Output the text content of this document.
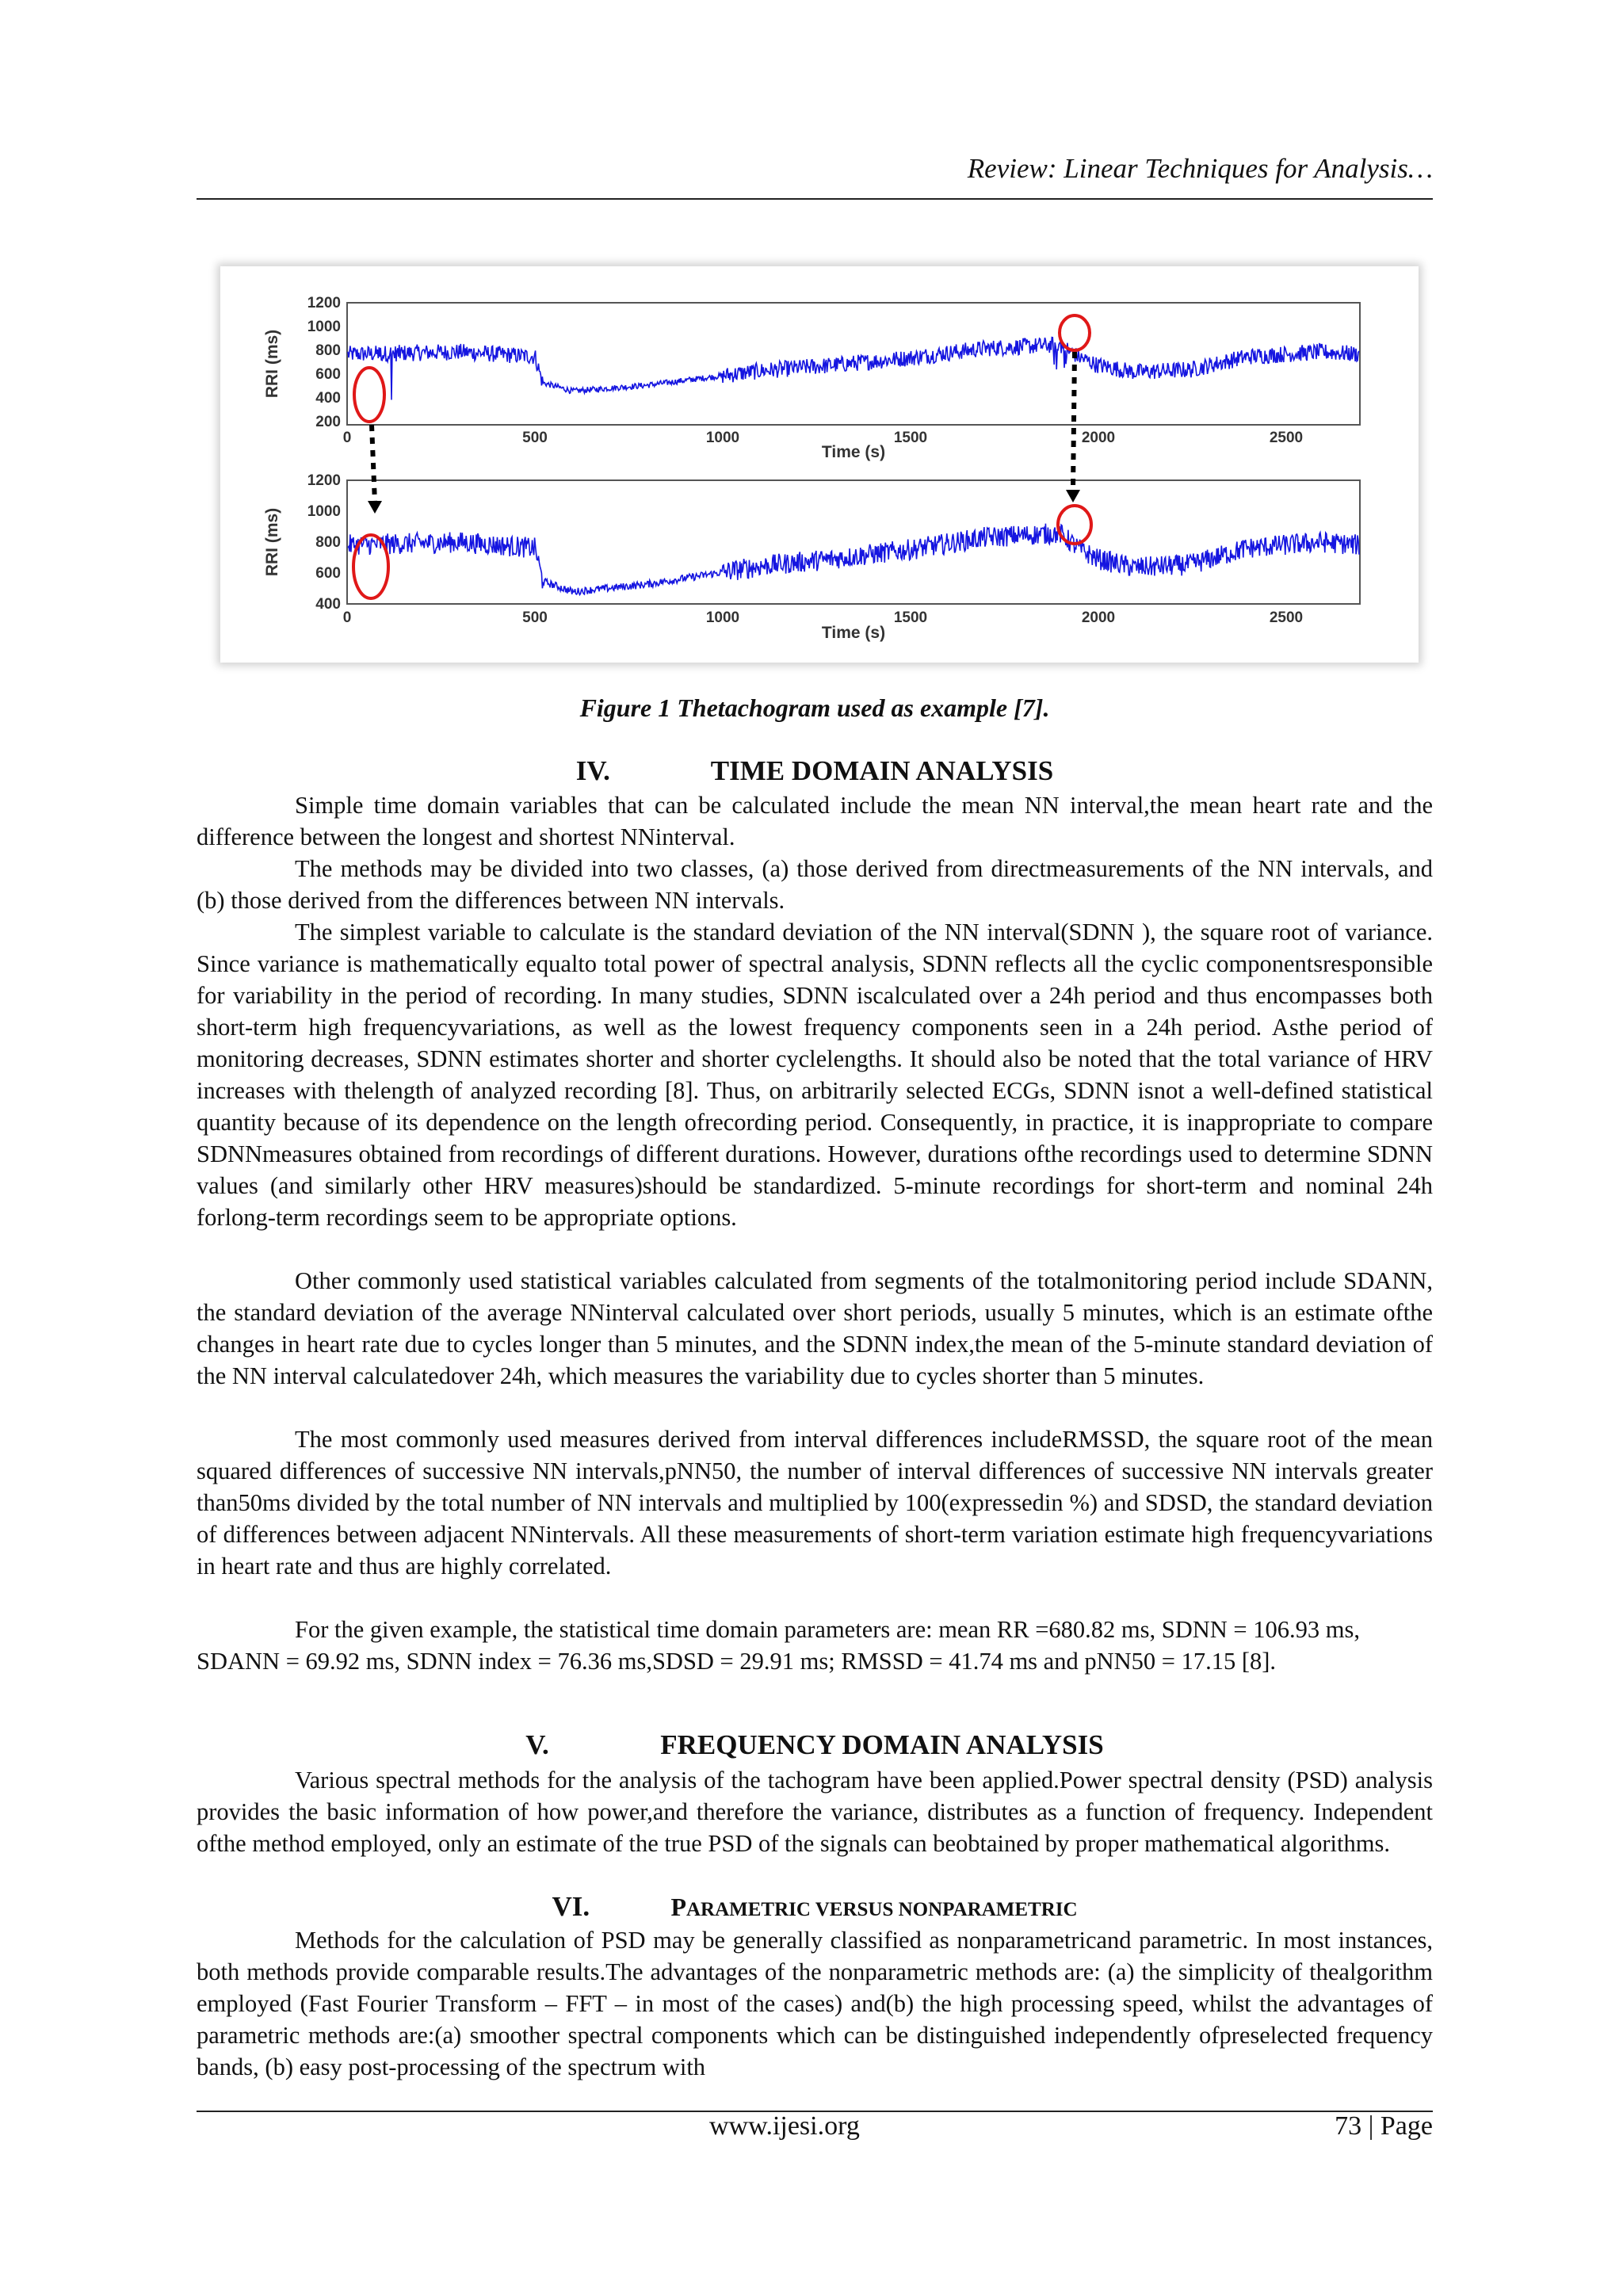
Review: Linear Techniques for Analysis…
1200
1000
800
600
400
200
0	500	1000	1500	2000	2500
Time (s)
RRI (ms)
1200
1000
800
600
400
0	500	1000	1500	2000	2500
Time (s)
RRI (ms)
Figure 1 Thetachogram used as example [7].
IV.	TIME DOMAIN ANALYSIS

Simple time domain variables that can be calculated include the mean NN interval,the mean heart rate and the difference between the longest and shortest NNinterval.

The methods may be divided into two classes, (a) those derived from directmeasurements of the NN intervals, and (b) those derived from the differences between NN intervals.

The simplest variable to calculate is the standard deviation of the NN interval(SDNN ), the square root of variance. Since variance is mathematically equalto total power of spectral analysis, SDNN reflects all the cyclic componentsresponsible for variability in the period of recording. In many studies, SDNN iscalculated over a 24h period and thus encompasses both short-term high frequencyvariations, as well as the lowest frequency components seen in a 24h period. Asthe period of monitoring decreases, SDNN estimates shorter and shorter cyclelengths. It should also be noted that the total variance of HRV increases with thelength of analyzed recording [8]. Thus, on arbitrarily selected ECGs, SDNN isnot a well-defined statistical quantity because of its dependence on the length ofrecording period. Consequently, in practice, it is inappropriate to compare SDNNmeasures obtained from recordings of different durations. However, durations ofthe recordings used to determine SDNN values (and similarly other HRV measures)should be standardized. 5-minute recordings for short-term and nominal 24h forlong-term recordings seem to be appropriate options.

Other commonly used statistical variables calculated from segments of the totalmonitoring period include SDANN, the standard deviation of the average NNinterval calculated over short periods, usually 5 minutes, which is an estimate ofthe changes in heart rate due to cycles longer than 5 minutes, and the SDNN index,the mean of the 5-minute standard deviation of the NN interval calculatedover 24h, which measures the variability due to cycles shorter than 5 minutes.

The most commonly used measures derived from interval differences includeRMSSD, the square root of the mean squared differences of successive NN intervals,pNN50, the number of interval differences of successive NN intervals greater than50ms divided by the total number of NN intervals and multiplied by 100(expressedin %) and SDSD, the standard deviation of differences between adjacent NNintervals. All these measurements of short-term variation estimate high frequencyvariations in heart rate and thus are highly correlated.

For the given example, the statistical time domain parameters are: mean RR =680.82 ms, SDNN = 106.93 ms, SDANN = 69.92 ms, SDNN index = 76.36 ms,SDSD = 29.91 ms; RMSSD = 41.74 ms and pNN50 = 17.15 [8].

V.	FREQUENCY DOMAIN ANALYSIS

Various spectral methods for the analysis of the tachogram have been applied.Power spectral density (PSD) analysis provides the basic information of how power,and therefore the variance, distributes as a function of frequency. Independent ofthe method employed, only an estimate of the true PSD of the signals can beobtained by proper mathematical algorithms.

VI.	PARAMETRIC VERSUS NONPARAMETRIC

Methods for the calculation of PSD may be generally classified as nonparametricand parametric. In most instances, both methods provide comparable results.The advantages of the nonparametric methods are: (a) the simplicity of thealgorithm employed (Fast Fourier Transform – FFT – in most of the cases) and(b) the high processing speed, whilst the advantages of parametric methods are:(a) smoother spectral components which can be distinguished independently ofpreselected frequency bands, (b) easy post-processing of the spectrum with

www.ijesi.org	73 | Page
